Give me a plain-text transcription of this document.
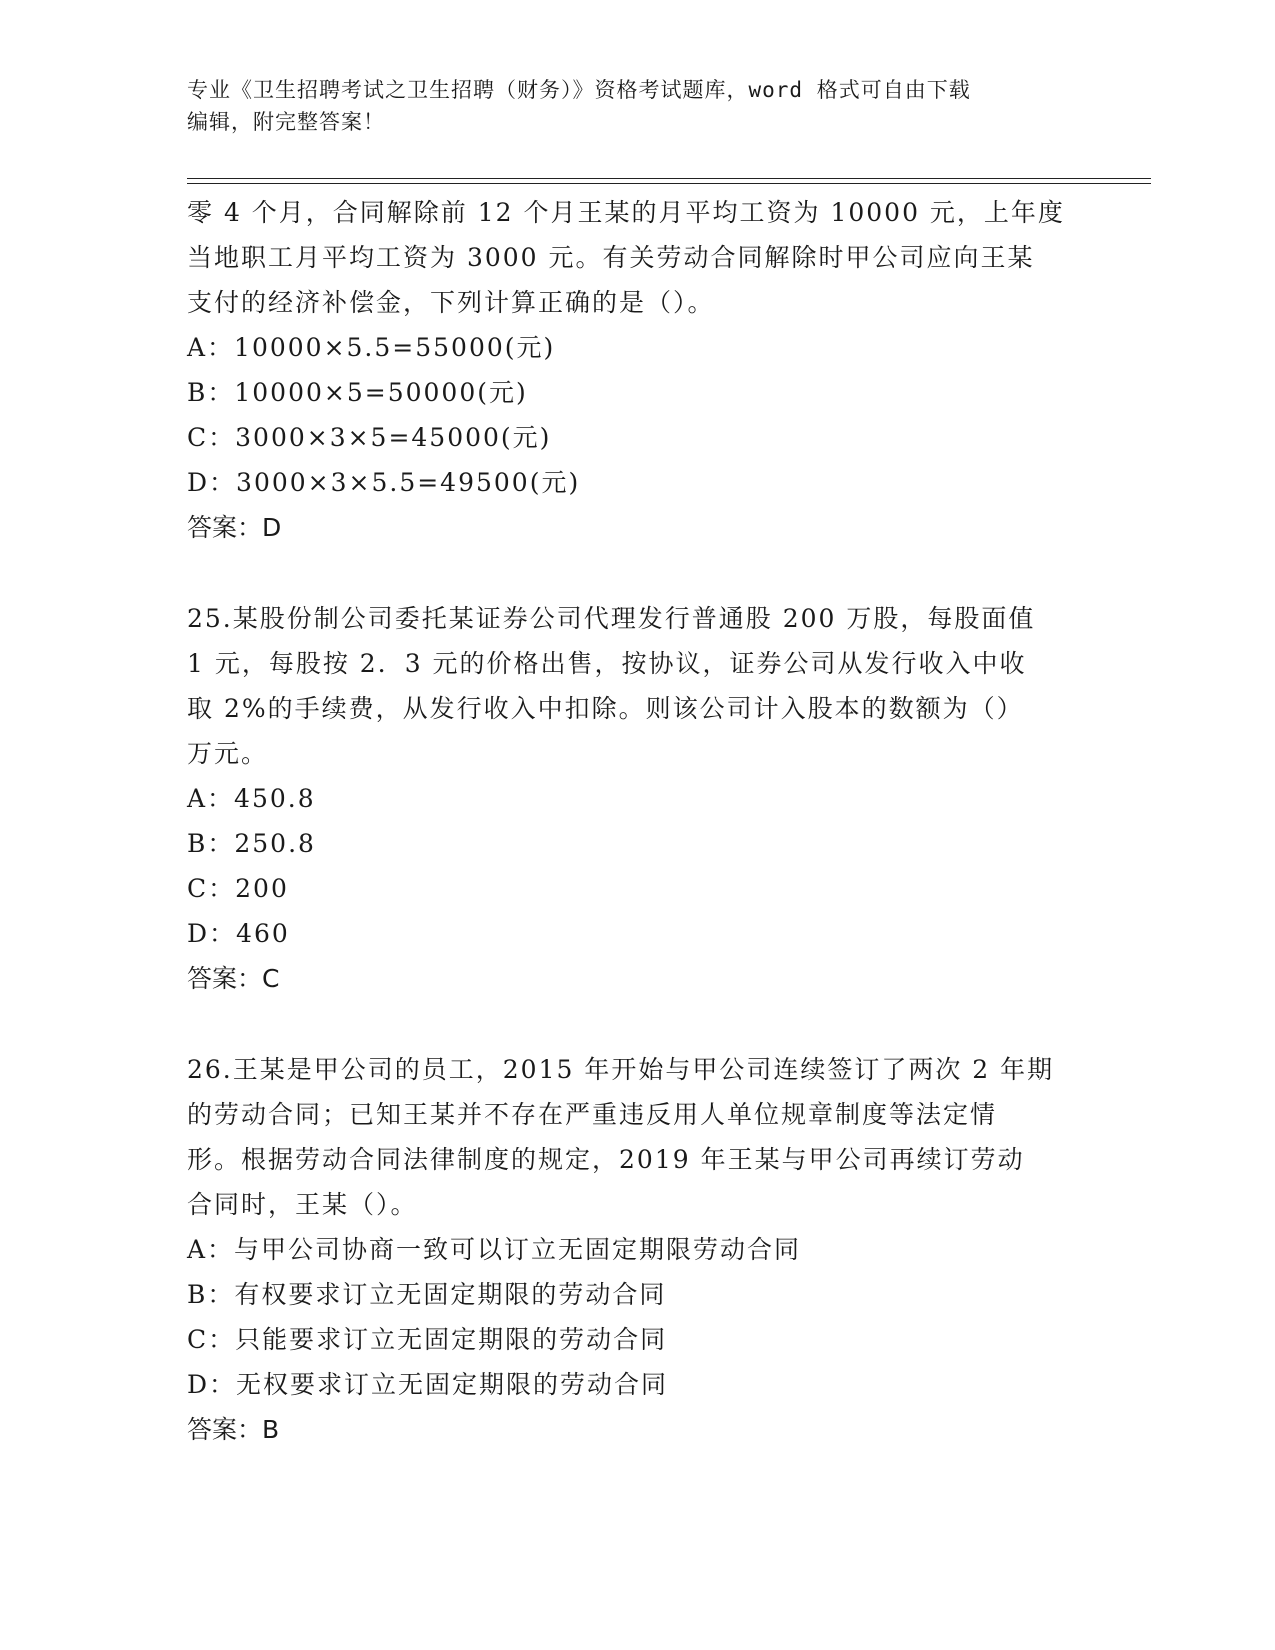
专业《卫生招聘考试之卫生招聘（财务）》资格考试题库，word 格式可自由下载

编辑，附完整答案！

零 4 个月，合同解除前 12 个月王某的月平均工资为 10000 元，上年度
当地职工月平均工资为 3000 元。有关劳动合同解除时甲公司应向王某
支付的经济补偿金，下列计算正确的是（）。
A：10000×5.5=55000(元)
B：10000×5=50000(元)
C：3000×3×5=45000(元)
D：3000×3×5.5=49500(元)
答案：D
25.某股份制公司委托某证券公司代理发行普通股 200 万股，每股面值
1 元，每股按 2．3 元的价格出售，按协议，证券公司从发行收入中收
取 2%的手续费，从发行收入中扣除。则该公司计入股本的数额为（）
万元。
A：450.8
B：250.8
C：200
D：460
答案：C
26.王某是甲公司的员工，2015 年开始与甲公司连续签订了两次 2 年期
的劳动合同；已知王某并不存在严重违反用人单位规章制度等法定情
形。根据劳动合同法律制度的规定，2019 年王某与甲公司再续订劳动
合同时，王某（）。
A：与甲公司协商一致可以订立无固定期限劳动合同
B：有权要求订立无固定期限的劳动合同
C：只能要求订立无固定期限的劳动合同
D：无权要求订立无固定期限的劳动合同
答案：B
